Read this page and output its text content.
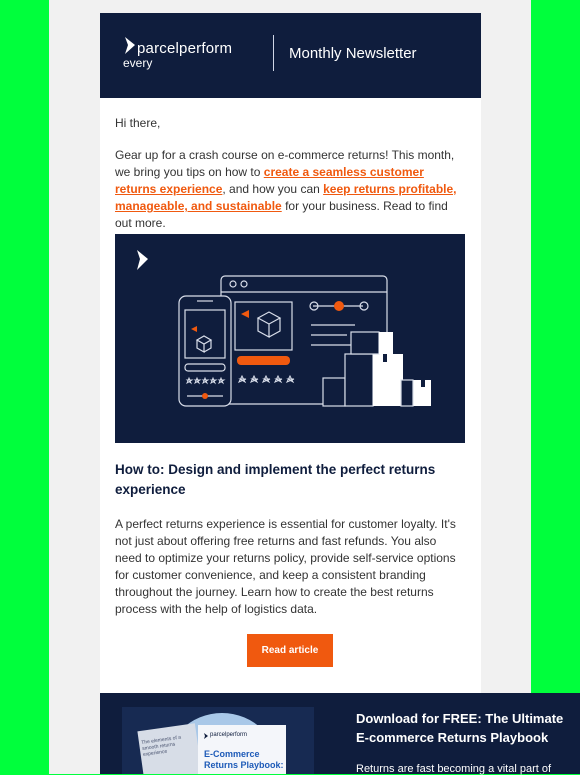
parcelperform
every
Monthly Newsletter

Hi there,

Gear up for a crash course on e-commerce returns! This month, we bring you tips on how to create a seamless customer returns experience, and how you can keep returns profitable, manageable, and sustainable for your business. Read to find out more.

How to: Design and implement the perfect returns experience
A perfect returns experience is essential for customer loyalty. It's not just about offering free returns and fast refunds. You also need to optimize your returns policy, provide self-service options for customer convenience, and keep a consistent branding throughout the journey. Learn how to create the best returns process with the help of logistics data.
Read article
The elements of a smooth returns experience
parcelperform
E-Commerce Returns Playbook:
Download for FREE: The Ultimate E-commerce Returns Playbook
Returns are fast becoming a vital part of
